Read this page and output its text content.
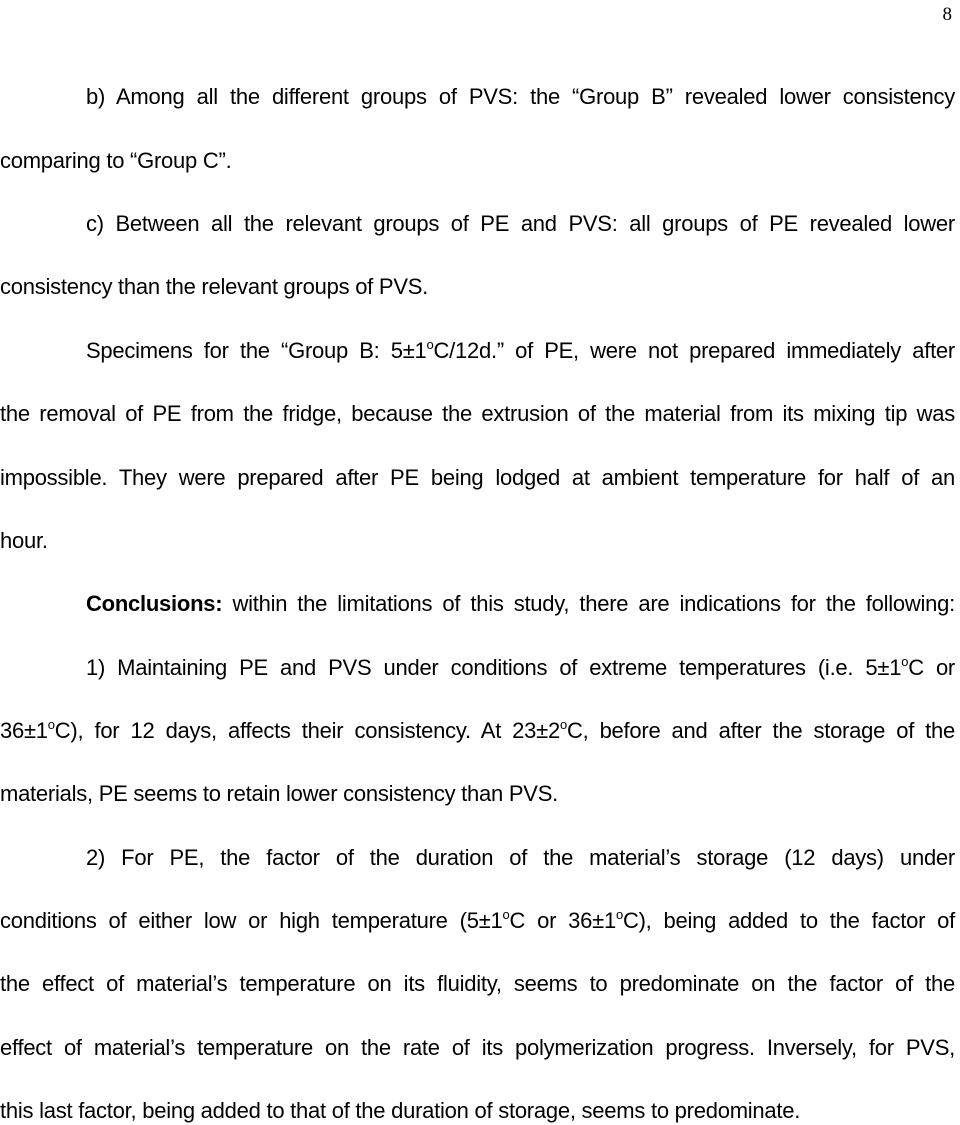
8
b) Among all the different groups of PVS: the “Group B” revealed lower consistency
comparing to “Group C”.
c) Between all the relevant groups of PE and PVS: all groups of PE revealed lower
consistency than the relevant groups of PVS.
Specimens for the “Group B: $5\pm 1^oC/12d$.” of PE, were not prepared immediately after
the removal of PE from the fridge, because the extrusion of the material from its mixing tip was
impossible. They were prepared after PE being lodged at ambient temperature for half of an
hour.
Conclusions: within the limitations of this study, there are indications for the following:
1) Maintaining PE and PVS under conditions of extreme temperatures (i.e. $5\pm 1^oC$ or
$36\pm 1^oC$), for 12 days, affects their consistency. At $23\pm 2^oC$, before and after the storage of the
materials, PE seems to retain lower consistency than PVS.
2) For PE, the factor of the duration of the material’s storage (12 days) under
conditions of either low or high temperature ($5\pm 1^oC$ or $36\pm 1^oC$), being added to the factor of
the effect of material’s temperature on its fluidity, seems to predominate on the factor of the
effect of material’s temperature on the rate of its polymerization progress. Inversely, for PVS,
this last factor, being added to that of the duration of storage, seems to predominate.
